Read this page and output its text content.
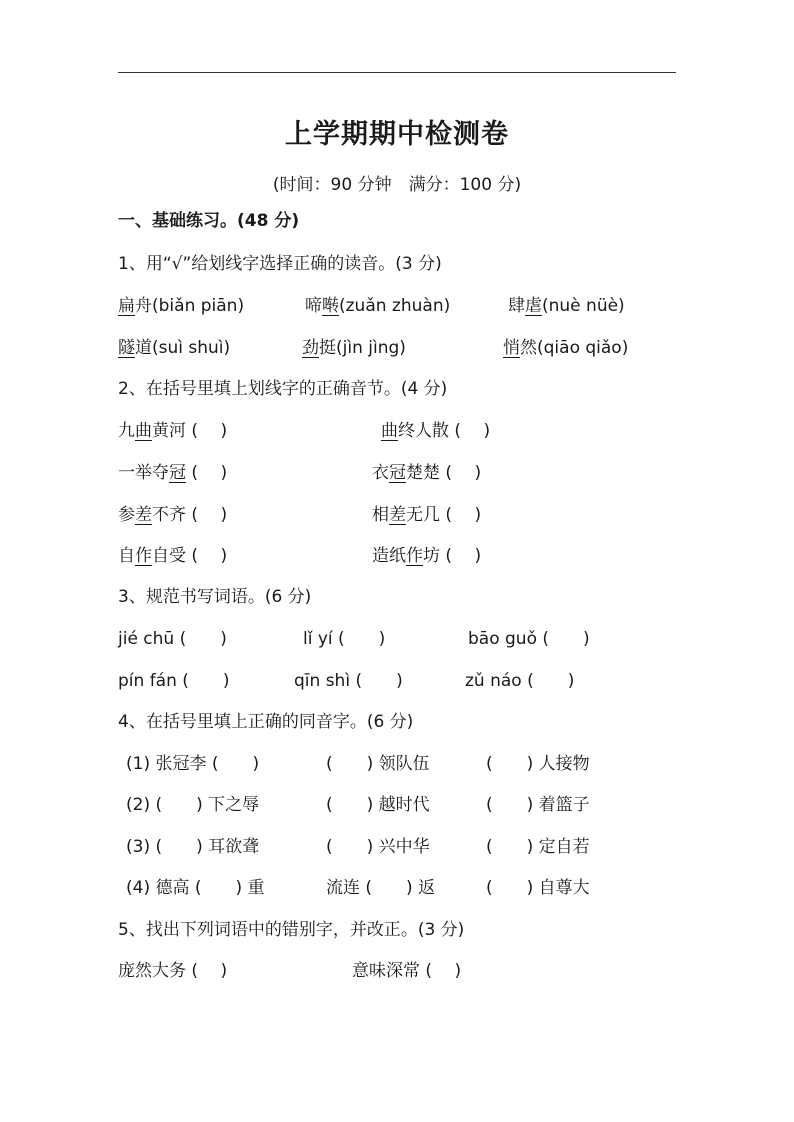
上学期期中检测卷
(时间：90 分钟　满分：100 分)
一、基础练习。(48 分)
1、用“√”给划线字选择正确的读音。(3 分)
扁舟(biǎn piān)	啼啭(zuǎn zhuàn)	肆虐(nuè nüè)
隧道(suì shuì)	劲挺(jìn jìng)	悄然(qiāo qiǎo)
2、在括号里填上划线字的正确音节。(4 分)
九曲黄河 (　 )	曲终人散 (　 )
一举夺冠 (　 )	衣冠楚楚 (　 )
参差不齐 (　 )	相差无几 (　 )
自作自受 (　 )	造纸作坊 (　 )
3、规范书写词语。(6 分)
jié chū (　　)	lǐ yí (　　)	bāo guǒ (　　)
pín fán (　　)	qīn shì (　　)	zǔ náo (　　)
4、在括号里填上正确的同音字。(6 分)
(1) 张冠李 (　　)	(　　) 领队伍	(　　) 人接物
(2) (　　) 下之辱	(　　) 越时代	(　　) 着篮子
(3) (　　) 耳欲聋	(　　) 兴中华	(　　) 定自若
(4) 德高 (　　) 重	流连 (　　) 返	(　　) 自尊大
5、找出下列词语中的错别字，并改正。(3 分)
庞然大务 (　 )	意味深常 (　 )
